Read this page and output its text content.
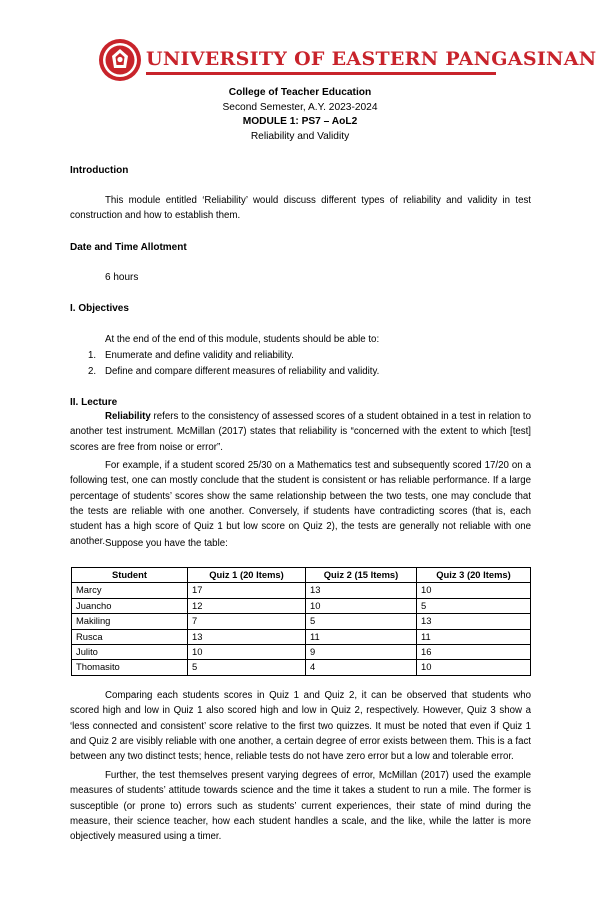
UNIVERSITY OF EASTERN PANGASINAN
College of Teacher Education
Second Semester, A.Y. 2023-2024
MODULE 1: PS7 – AoL2
Reliability and Validity
Introduction
This module entitled ‘Reliability’ would discuss different types of reliability and validity in test construction and how to establish them.
Date and Time Allotment
6 hours
I. Objectives
At the end of the end of this module, students should be able to:
1. Enumerate and define validity and reliability.
2. Define and compare different measures of reliability and validity.
II. Lecture
Reliability refers to the consistency of assessed scores of a student obtained in a test in relation to another test instrument. McMillan (2017) states that reliability is “concerned with the extent to which [test] scores are free from noise or error”.
For example, if a student scored 25/30 on a Mathematics test and subsequently scored 17/20 on a following test, one can mostly conclude that the student is consistent or has reliable performance. If a large percentage of students’ scores show the same relationship between the two tests, one may conclude that the tests are reliable with one another. Conversely, if students have contradicting scores (that is, each student has a high score of Quiz 1 but low score on Quiz 2), the tests are generally not reliable with one another. Suppose you have the table:
Student	Quiz 1 (20 Items)	Quiz 2 (15 Items)	Quiz 3 (20 Items)
Marcy	17	13	10
Juancho	12	10	5
Makiling	7	5	13
Rusca	13	11	11
Julito	10	9	16
Thomasito	5	4	10
Comparing each students scores in Quiz 1 and Quiz 2, it can be observed that students who scored high and low in Quiz 1 also scored high and low in Quiz 2, respectively. However, Quiz 3 show a ‘less connected and consistent’ score relative to the first two quizzes. It must be noted that even if Quiz 1 and Quiz 2 are visibly reliable with one another, a certain degree of error exists between them. This is a fact between any two distinct tests; hence, reliable tests do not have zero error but a low and tolerable error.
Further, the test themselves present varying degrees of error, McMillan (2017) used the example measures of students’ attitude towards science and the time it takes a student to run a mile. The former is susceptible (or prone to) errors such as students’ current experiences, their state of mind during the measure, their science teacher, how each student handles a scale, and the like, while the latter is more objectively measured using a timer.
